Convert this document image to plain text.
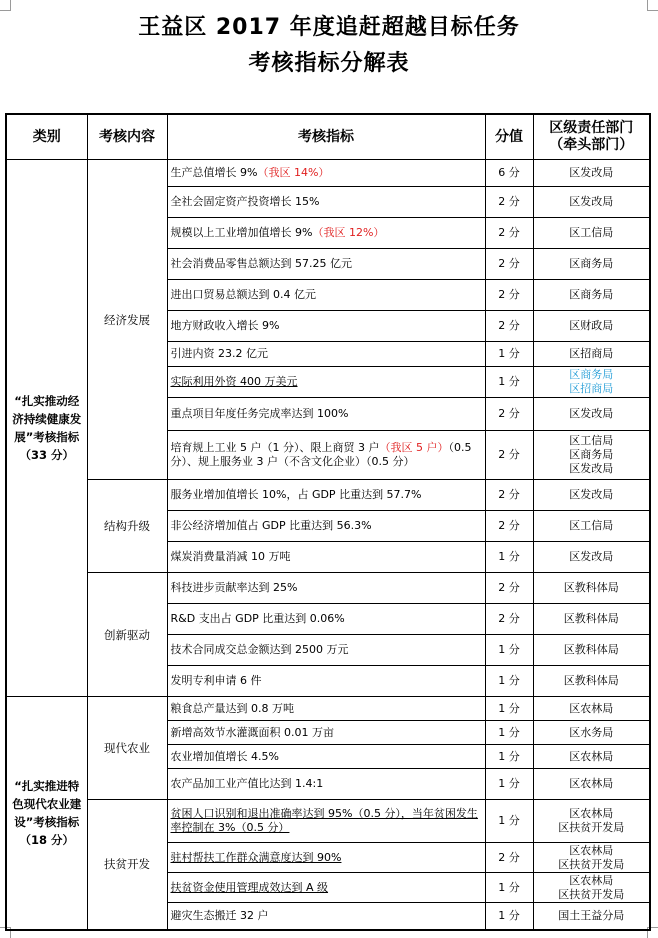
王益区 2017 年度追赶超越目标任务
考核指标分解表
类别	考核内容	考核指标	分值	区级责任部门（牵头部门）
“扎实推动经济持续健康发展”考核指标（33 分）	经济发展	生产总值增长 9%（我区 14%）	6 分	区发改局

		全社会固定资产投资增长 15%	2 分	区发改局

		规模以上工业增加值增长 9%（我区 12%）	2 分	区工信局

		社会消费品零售总额达到 57.25 亿元	2 分	区商务局

		进出口贸易总额达到 0.4 亿元	2 分	区商务局

		地方财政收入增长 9%	2 分	区财政局

		引进内资 23.2 亿元	1 分	区招商局

		实际利用外资 400 万美元	1 分	区商务局
区招商局

		重点项目年度任务完成率达到 100%	2 分	区发改局

		培育规上工业 5 户（1 分）、限上商贸 3 户（我区 5 户）（0.5 分）、规上服务业 3 户（不含文化企业）（0.5 分）	2 分	区工信局
区商务局
区发改局

	结构升级	服务业增加值增长 10%，占 GDP 比重达到 57.7%	2 分	区发改局

		非公经济增加值占 GDP 比重达到 56.3%	2 分	区工信局

		煤炭消费量消减 10 万吨	1 分	区发改局

	创新驱动	科技进步贡献率达到 25%	2 分	区教科体局

		R&D 支出占 GDP 比重达到 0.06%	2 分	区教科体局

		技术合同成交总金额达到 2500 万元	1 分	区教科体局

		发明专利申请 6 件	1 分	区教科体局

“扎实推进特色现代农业建设”考核指标（18 分）	现代农业	粮食总产量达到 0.8 万吨	1 分	区农林局

		新增高效节水灌溉面积 0.01 万亩	1 分	区水务局

		农业增加值增长 4.5%	1 分	区农林局

		农产品加工业产值比达到 1.4:1	1 分	区农林局

	扶贫开发	贫困人口识别和退出准确率达到 95%（0.5 分），当年贫困发生率控制在 3%（0.5 分）	1 分	区农林局
区扶贫开发局

		驻村帮扶工作群众满意度达到 90%	2 分	区农林局
区扶贫开发局

		扶贫资金使用管理成效达到 A 级	1 分	区农林局
区扶贫开发局

		避灾生态搬迁 32 户	1 分	国土王益分局
